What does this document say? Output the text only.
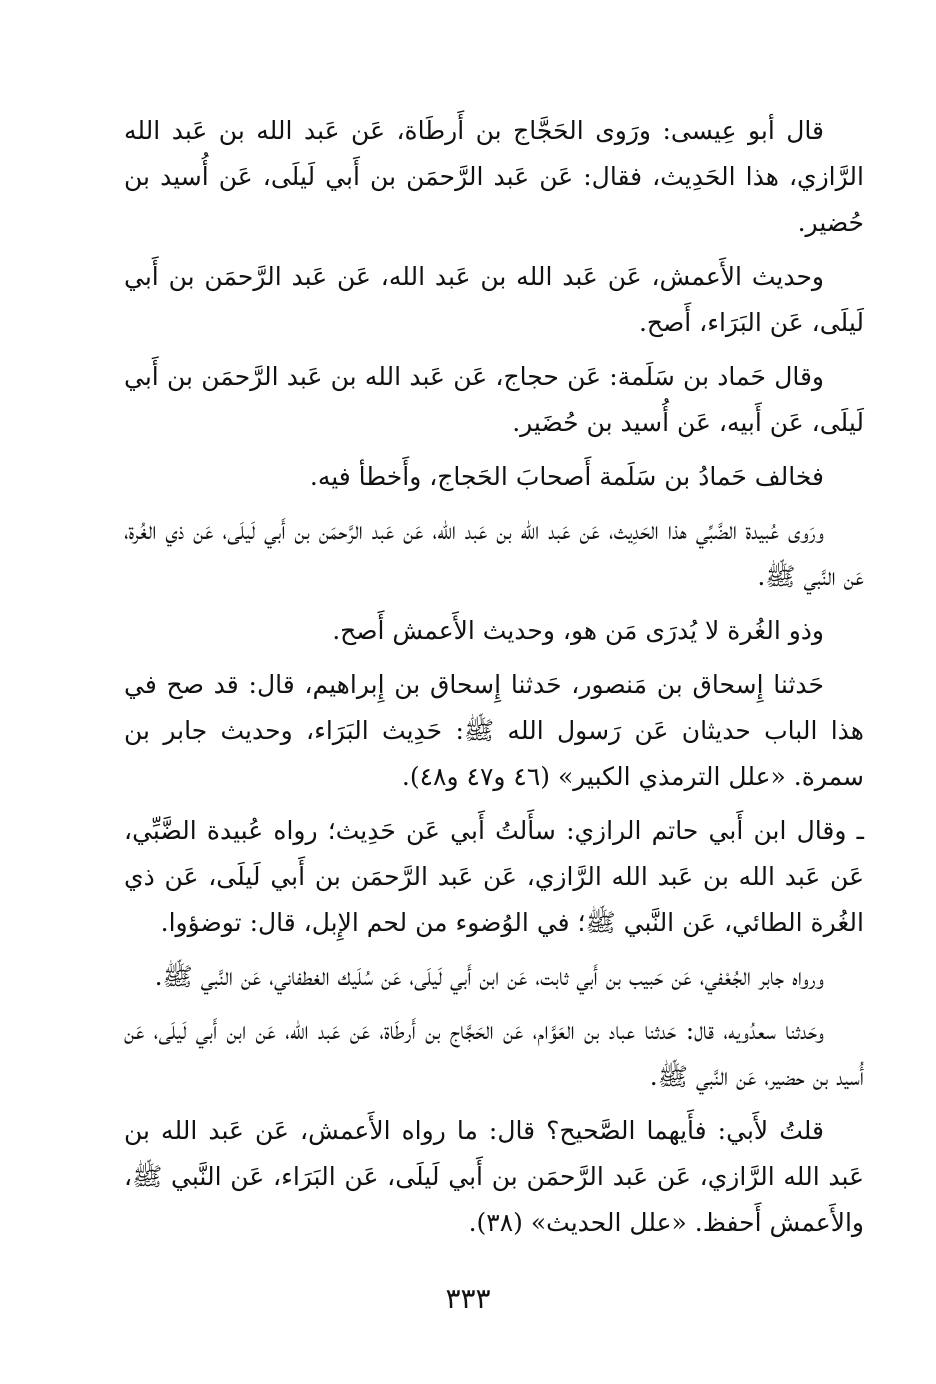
قال أبو عِيسى: ورَوى الحَجَّاج بن أَرطَاة، عَن عَبد الله بن عَبد الله الرَّازي، هذا الحَدِيث، فقال: عَن عَبد الرَّحمَن بن أَبي لَيلَى، عَن أُسيد بن حُضير.

وحديث الأَعمش، عَن عَبد الله بن عَبد الله، عَن عَبد الرَّحمَن بن أَبي لَيلَى، عَن البَرَاء، أَصح.

وقال حَماد بن سَلَمة: عَن حجاج، عَن عَبد الله بن عَبد الرَّحمَن بن أَبي لَيلَى، عَن أَبيه، عَن أُسيد بن حُضَير.

فخالف حَمادُ بن سَلَمة أَصحابَ الحَجاج، وأَخطأ فيه.

ورَوى عُبيدة الضَّبِّي هذا الحَدِيث، عَن عَبد الله بن عَبد الله، عَن عَبد الرَّحمَن بن أَبي لَيلَى، عَن ذي الغُرة، عَن النَّبي ﷺ.

وذو الغُرة لا يُدرَى مَن هو، وحديث الأَعمش أَصح.

حَدثنا إِسحاق بن مَنصور، حَدثنا إِسحاق بن إِبراهيم، قال: قد صح في هذا الباب حديثان عَن رَسول الله ﷺ: حَدِيث البَرَاء، وحديث جابر بن سمرة. «علل الترمذي الكبير» (٤٦ و٤٧ و٤٨).

ـ وقال ابن أَبي حاتم الرازي: سأَلتُ أَبي عَن حَدِيث؛ رواه عُبيدة الضَّبِّي، عَن عَبد الله بن عَبد الله الرَّازي، عَن عَبد الرَّحمَن بن أَبي لَيلَى، عَن ذي الغُرة الطائي، عَن النَّبي ﷺ؛ في الوُضوء من لحم الإِبل، قال: توضؤوا.

ورواه جابر الجُعْفي، عَن حَبيب بن أَبي ثابت، عَن ابن أَبي لَيلَى، عَن سُلَيك الغطفاني، عَن النَّبي ﷺ.

وحَدثنا سعدُويه، قال: حَدثنا عباد بن العَوَّام، عَن الحَجَّاج بن أَرطَاة، عَن عَبد الله، عَن ابن أَبي لَيلَى، عَن أُسيد بن حضير، عَن النَّبي ﷺ.

قلتُ لأَبي: فأَيهما الصَّحيح؟ قال: ما رواه الأَعمش، عَن عَبد الله بن عَبد الله الرَّازي، عَن عَبد الرَّحمَن بن أَبي لَيلَى، عَن البَرَاء، عَن النَّبي ﷺ، والأَعمش أَحفظ. «علل الحديث» (٣٨).

٣٣٣
